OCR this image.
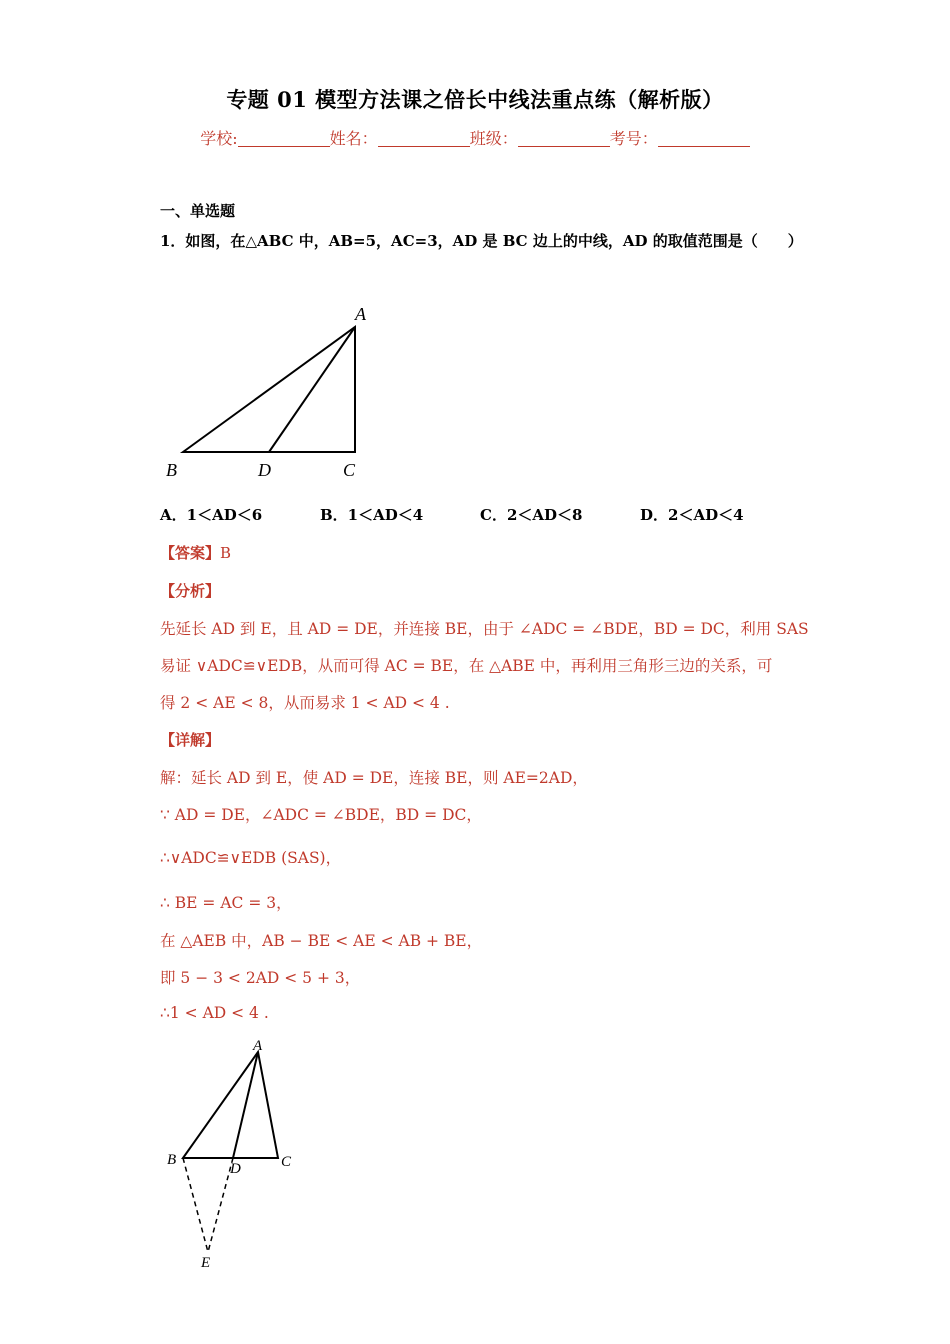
专题 01 模型方法课之倍长中线法重点练（解析版）
学校:	姓名：	班级：	考号：
一、单选题
1．如图，在△ABC 中，AB=5，AC=3，AD 是 BC 边上的中线，AD 的取值范围是（　　）
A
B	D	C
A．1＜AD＜6	B．1＜AD＜4	C．2＜AD＜8	D．2＜AD＜4
【答案】B
【分析】
先延长 AD 到 E，且 AD = DE，并连接 BE，由于 ∠ADC = ∠BDE，BD = DC，利用 SAS
易证 ∨ADC≌∨EDB，从而可得 AC = BE，在 △ABE 中，再利用三角形三边的关系，可
得 2 < AE < 8，从而易求 1 < AD < 4 .
【详解】
解：延长 AD 到 E，使 AD = DE，连接 BE，则 AE=2AD，
∵ AD = DE，∠ADC = ∠BDE，BD = DC，
∴∨ADC≌∨EDB (SAS)，
∴ BE = AC = 3，
在 △AEB 中，AB − BE < AE < AB + BE，
即 5 − 3 < 2AD < 5 + 3，
∴1 < AD < 4 .
A
B
D	C
E
